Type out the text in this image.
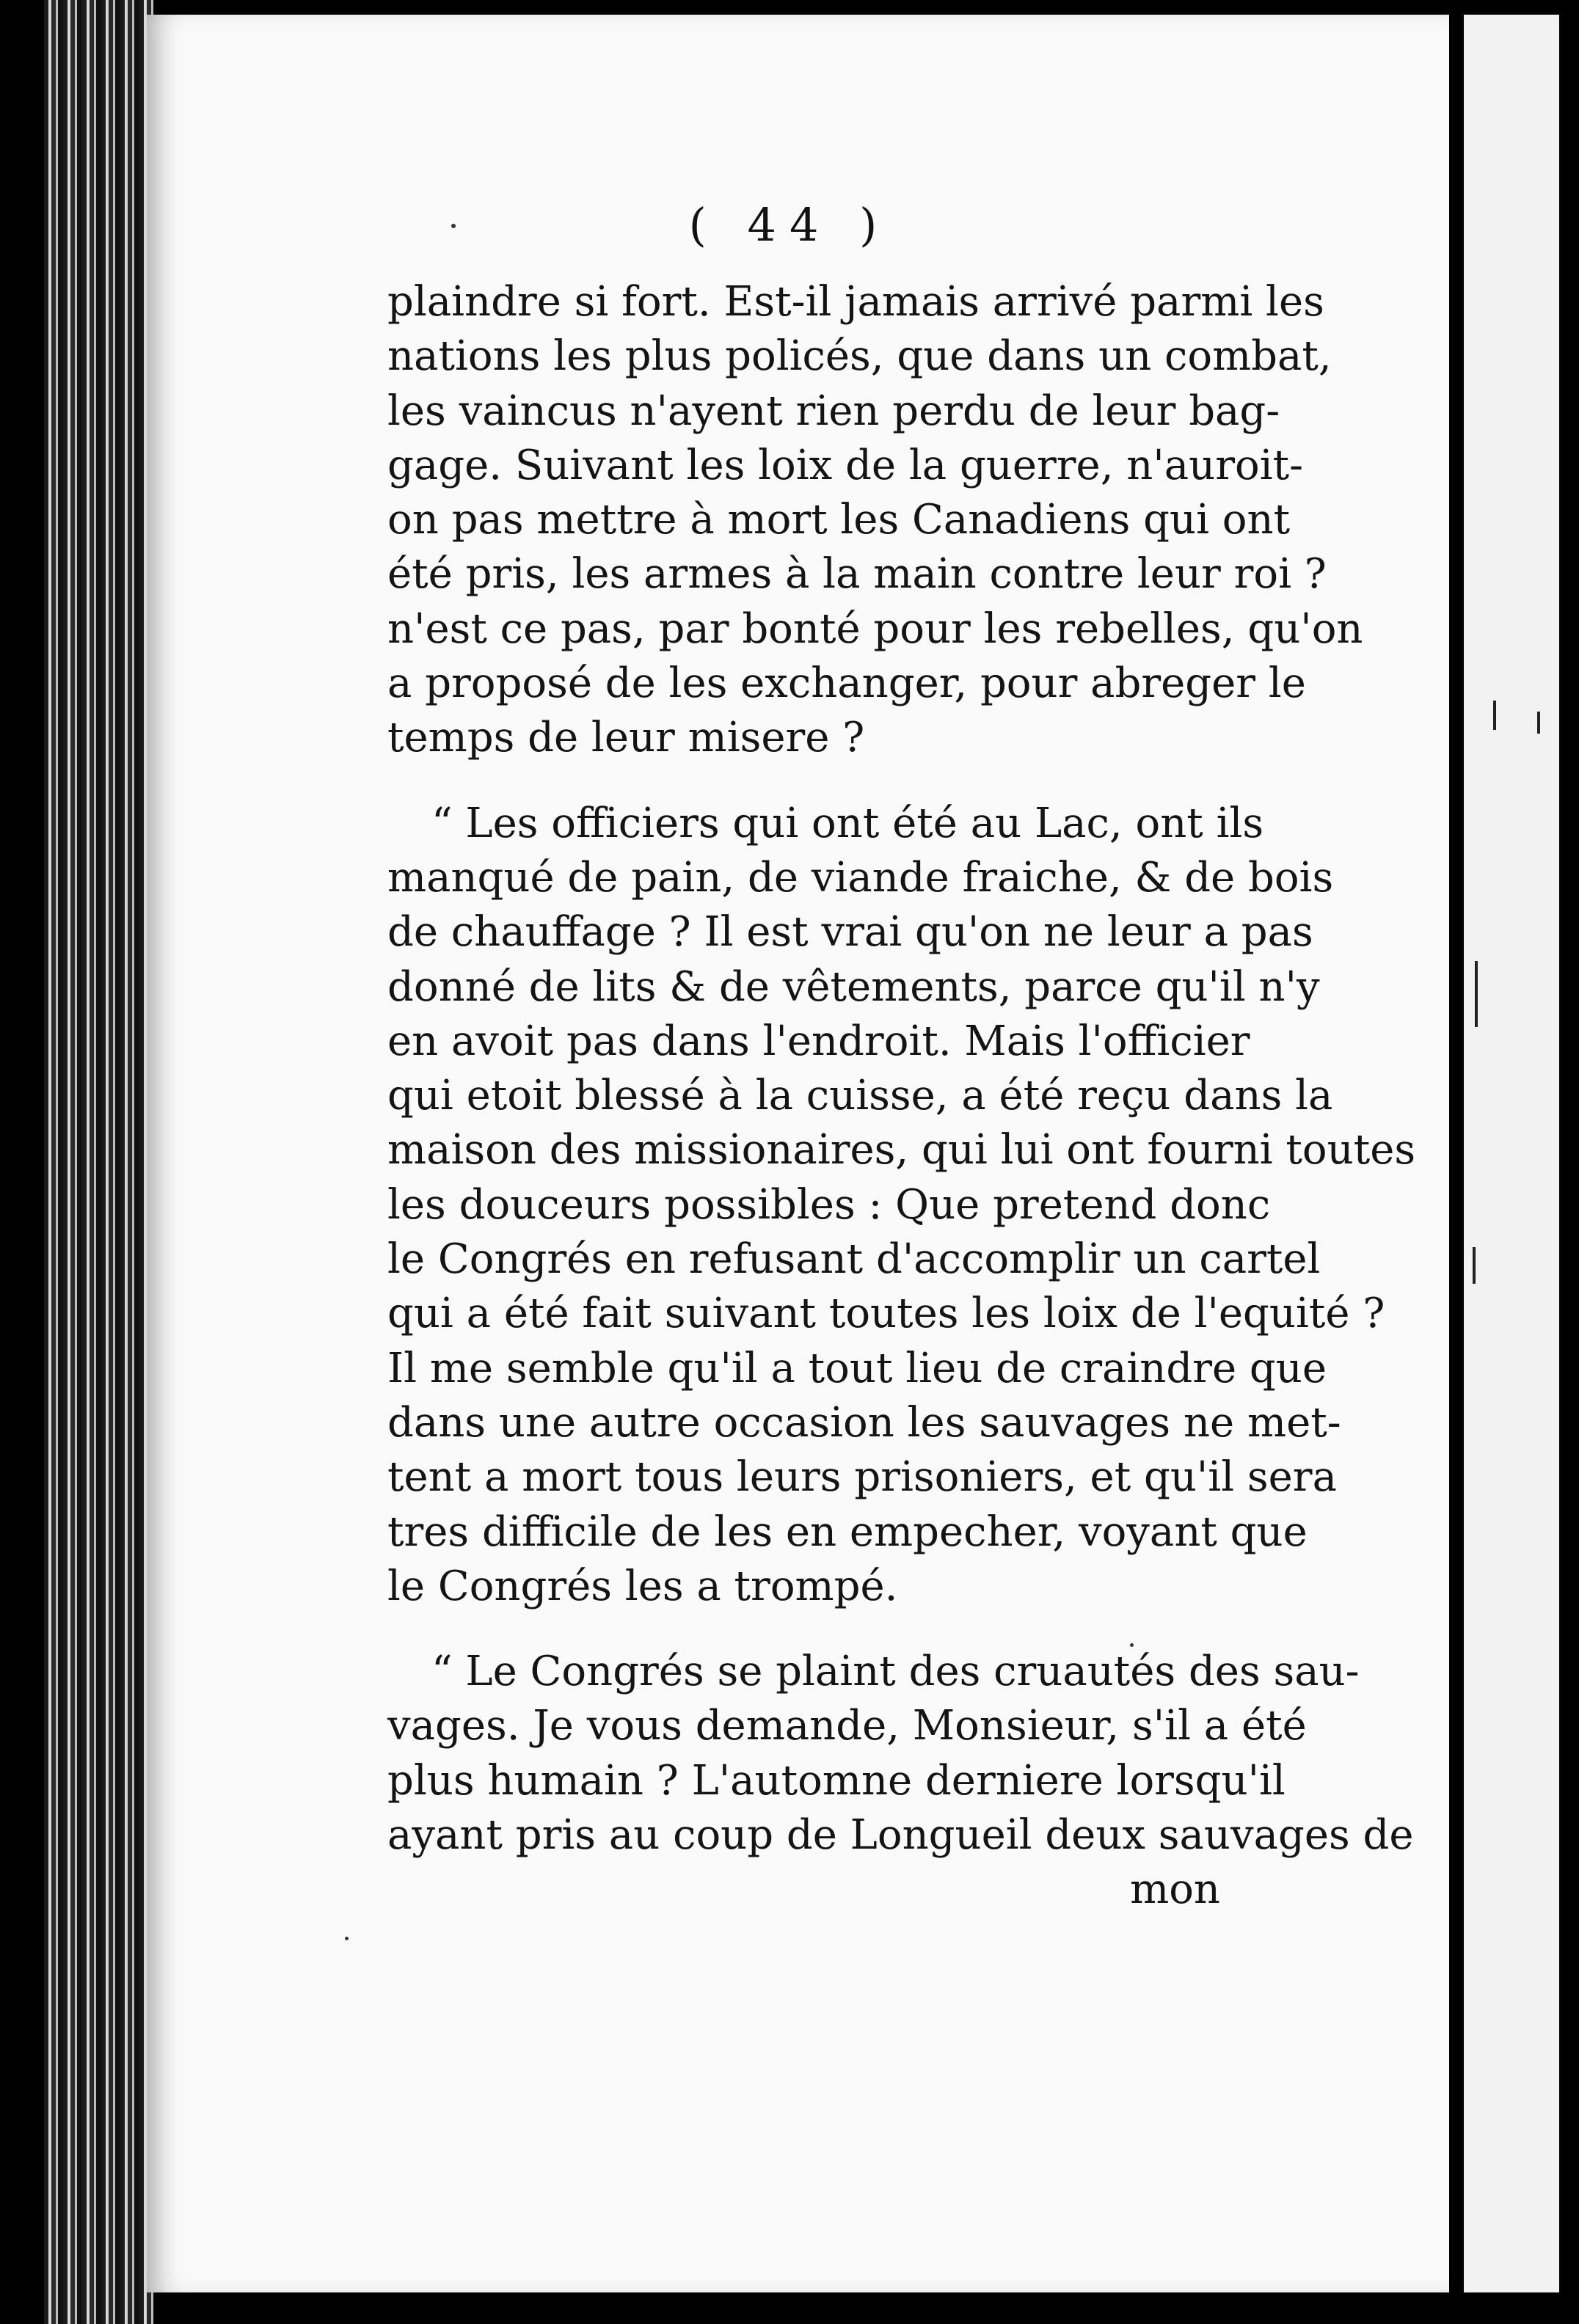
( 44 )
plaindre si fort. Est-il jamais arrivé parmi les
nations les plus policés, que dans un combat,
les vaincus n'ayent rien perdu de leur bag-
gage. Suivant les loix de la guerre, n'auroit-
on pas mettre à mort les Canadiens qui ont
été pris, les armes à la main contre leur roi ?
n'est ce pas, par bonté pour les rebelles, qu'on
a proposé de les exchanger, pour abreger le
temps de leur misere ?
“ Les officiers qui ont été au Lac, ont ils
manqué de pain, de viande fraiche, & de bois
de chauffage ? Il est vrai qu'on ne leur a pas
donné de lits & de vêtements, parce qu'il n'y
en avoit pas dans l'endroit. Mais l'officier
qui etoit blessé à la cuisse, a été reçu dans la
maison des missionaires, qui lui ont fourni toutes
les douceurs possibles : Que pretend donc
le Congrés en refusant d'accomplir un cartel
qui a été fait suivant toutes les loix de l'equité ?
Il me semble qu'il a tout lieu de craindre que
dans une autre occasion les sauvages ne met-
tent a mort tous leurs prisoniers, et qu'il sera
tres difficile de les en empecher, voyant que
le Congrés les a trompé.
“ Le Congrés se plaint des cruautés des sau-
vages. Je vous demande, Monsieur, s'il a été
plus humain ? L'automne derniere lorsqu'il
ayant pris au coup de Longueil deux sauvages de
mon
